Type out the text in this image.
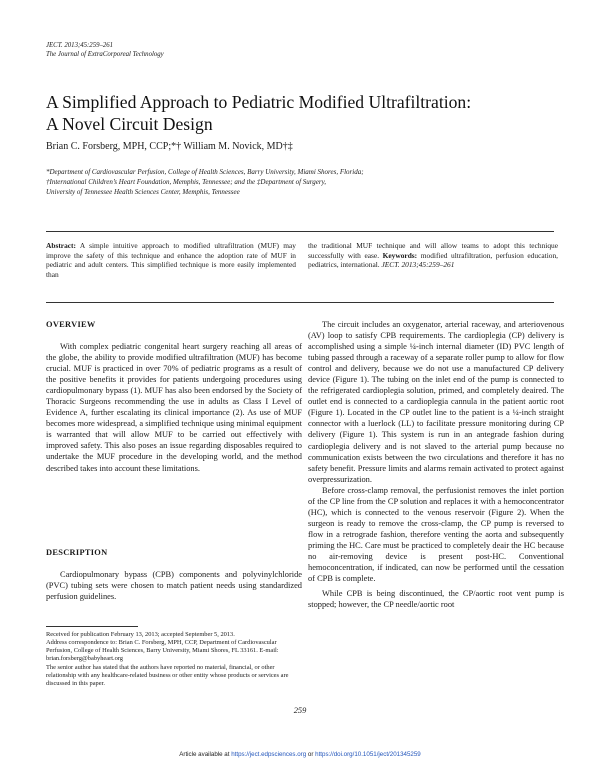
JECT. 2013;45:259–261
The Journal of ExtraCorporeal Technology
A Simplified Approach to Pediatric Modified Ultrafiltration:
A Novel Circuit Design
Brian C. Forsberg, MPH, CCP;*† William M. Novick, MD†‡
*Department of Cardiovascular Perfusion, College of Health Sciences, Barry University, Miami Shores, Florida;
†International Children’s Heart Foundation, Memphis, Tennessee; and the ‡Department of Surgery,
University of Tennessee Health Sciences Center, Memphis, Tennessee
Abstract: A simple intuitive approach to modified ultrafiltration (MUF) may improve the safety of this technique and enhance the adoption rate of MUF in pediatric and adult centers. This simplified technique is more easily implemented than
the traditional MUF technique and will allow teams to adopt this technique successfully with ease. Keywords: modified ultrafiltration, perfusion education, pediatrics, international. JECT. 2013;45:259–261
OVERVIEW

With complex pediatric congenital heart surgery reaching all areas of the globe, the ability to provide modified ultrafiltration (MUF) has become crucial. MUF is practiced in over 70% of pediatric programs as a result of the positive benefits it provides for patients undergoing procedures using cardiopulmonary bypass (1). MUF has also been endorsed by the Society of Thoracic Surgeons recommending the use in adults as Class I Level of Evidence A, further escalating its clinical importance (2). As use of MUF becomes more widespread, a simplified technique using minimal equipment is warranted that will allow MUF to be carried out effectively with improved safety. This also poses an issue regarding disposables required to undertake the MUF procedure in the developing world, and the method described takes into account these limitations.

DESCRIPTION

Cardiopulmonary bypass (CPB) components and polyvinylchloride (PVC) tubing sets were chosen to match patient needs using standardized perfusion guidelines.

Received for publication February 13, 2013; accepted September 5, 2013.
Address correspondence to: Brian C. Forsberg, MPH, CCP, Department of Cardiovascular Perfusion, College of Health Sciences, Barry University, Miami Shores, FL 33161. E-mail: brian.forsberg@babyheart.org
The senior author has stated that the authors have reported no material, financial, or other relationship with any healthcare-related business or other entity whose products or services are discussed in this paper.

The circuit includes an oxygenator, arterial raceway, and arteriovenous (AV) loop to satisfy CPB requirements. The cardioplegia (CP) delivery is accomplished using a simple ¼-inch internal diameter (ID) PVC length of tubing passed through a raceway of a separate roller pump to allow for flow control and delivery, because we do not use a manufactured CP delivery device (Figure 1). The tubing on the inlet end of the pump is connected to the refrigerated cardioplegia solution, primed, and completely deaired. The outlet end is connected to a cardioplegia cannula in the patient aortic root (Figure 1). Located in the CP outlet line to the patient is a ¼-inch straight connector with a luerlock (LL) to facilitate pressure monitoring during CP delivery (Figure 1). This system is run in an antegrade fashion during cardioplegia delivery and is not slaved to the arterial pump because no communication exists between the two circulations and therefore it has no safety benefit. Pressure limits and alarms remain activated to protect against overpressurization.

Before cross-clamp removal, the perfusionist removes the inlet portion of the CP line from the CP solution and replaces it with a hemoconcentrator (HC), which is connected to the venous reservoir (Figure 2). When the surgeon is ready to remove the cross-clamp, the CP pump is reversed to flow in a retrograde fashion, therefore venting the aorta and subsequently priming the HC. Care must be practiced to completely deair the HC because no air-removing device is present post-HC. Conventional hemoconcentration, if indicated, can now be performed until the cessation of CPB is complete.

While CPB is being discontinued, the CP/aortic root vent pump is stopped; however, the CP needle/aortic root

259
Article available at https://ject.edpsciences.org or https://doi.org/10.1051/ject/201345259
